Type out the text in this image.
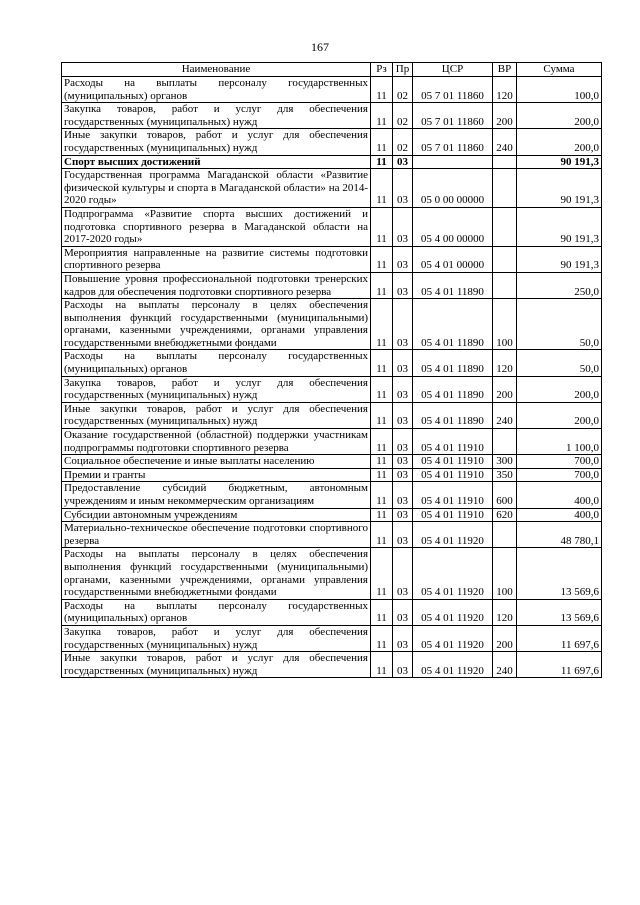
167
Наименование	Рз	Пр	ЦСР	ВР	Сумма
Расходы на выплаты персоналу государственных (муниципальных) органов	11	02	05 7 01 11860	120	100,0
Закупка товаров, работ и услуг для обеспечения государственных (муниципальных) нужд	11	02	05 7 01 11860	200	200,0
Иные закупки товаров, работ и услуг для обеспечения государственных (муниципальных) нужд	11	02	05 7 01 11860	240	200,0
Спорт высших достижений	11	03			90 191,3
Государственная программа Магаданской области «Развитие физической культуры и спорта в Магаданской области» на 2014-2020 годы»	11	03	05 0 00 00000		90 191,3
Подпрограмма «Развитие спорта высших достижений и подготовка спортивного резерва в Магаданской области на 2017-2020 годы»	11	03	05 4 00 00000		90 191,3
Мероприятия направленные на развитие системы подготовки спортивного резерва	11	03	05 4 01 00000		90 191,3
Повышение уровня профессиональной подготовки тренерских кадров для обеспечения подготовки спортивного резерва	11	03	05 4 01 11890		250,0
Расходы на выплаты персоналу в целях обеспечения выполнения функций государственными (муниципальными) органами, казенными учреждениями, органами управления государственными внебюджетными фондами	11	03	05 4 01 11890	100	50,0
Расходы на выплаты персоналу государственных (муниципальных) органов	11	03	05 4 01 11890	120	50,0
Закупка товаров, работ и услуг для обеспечения государственных (муниципальных) нужд	11	03	05 4 01 11890	200	200,0
Иные закупки товаров, работ и услуг для обеспечения государственных (муниципальных) нужд	11	03	05 4 01 11890	240	200,0
Оказание государственной (областной) поддержки участникам подпрограммы подготовки спортивного резерва	11	03	05 4 01 11910		1 100,0
Социальное обеспечение и иные выплаты населению	11	03	05 4 01 11910	300	700,0
Премии и гранты	11	03	05 4 01 11910	350	700,0
Предоставление субсидий бюджетным, автономным учреждениям и иным некоммерческим организациям	11	03	05 4 01 11910	600	400,0
Субсидии автономным учреждениям	11	03	05 4 01 11910	620	400,0
Материально-техническое обеспечение подготовки спортивного резерва	11	03	05 4 01 11920		48 780,1
Расходы на выплаты персоналу в целях обеспечения выполнения функций государственными (муниципальными) органами, казенными учреждениями, органами управления государственными внебюджетными фондами	11	03	05 4 01 11920	100	13 569,6
Расходы на выплаты персоналу государственных (муниципальных) органов	11	03	05 4 01 11920	120	13 569,6
Закупка товаров, работ и услуг для обеспечения государственных (муниципальных) нужд	11	03	05 4 01 11920	200	11 697,6
Иные закупки товаров, работ и услуг для обеспечения государственных (муниципальных) нужд	11	03	05 4 01 11920	240	11 697,6
